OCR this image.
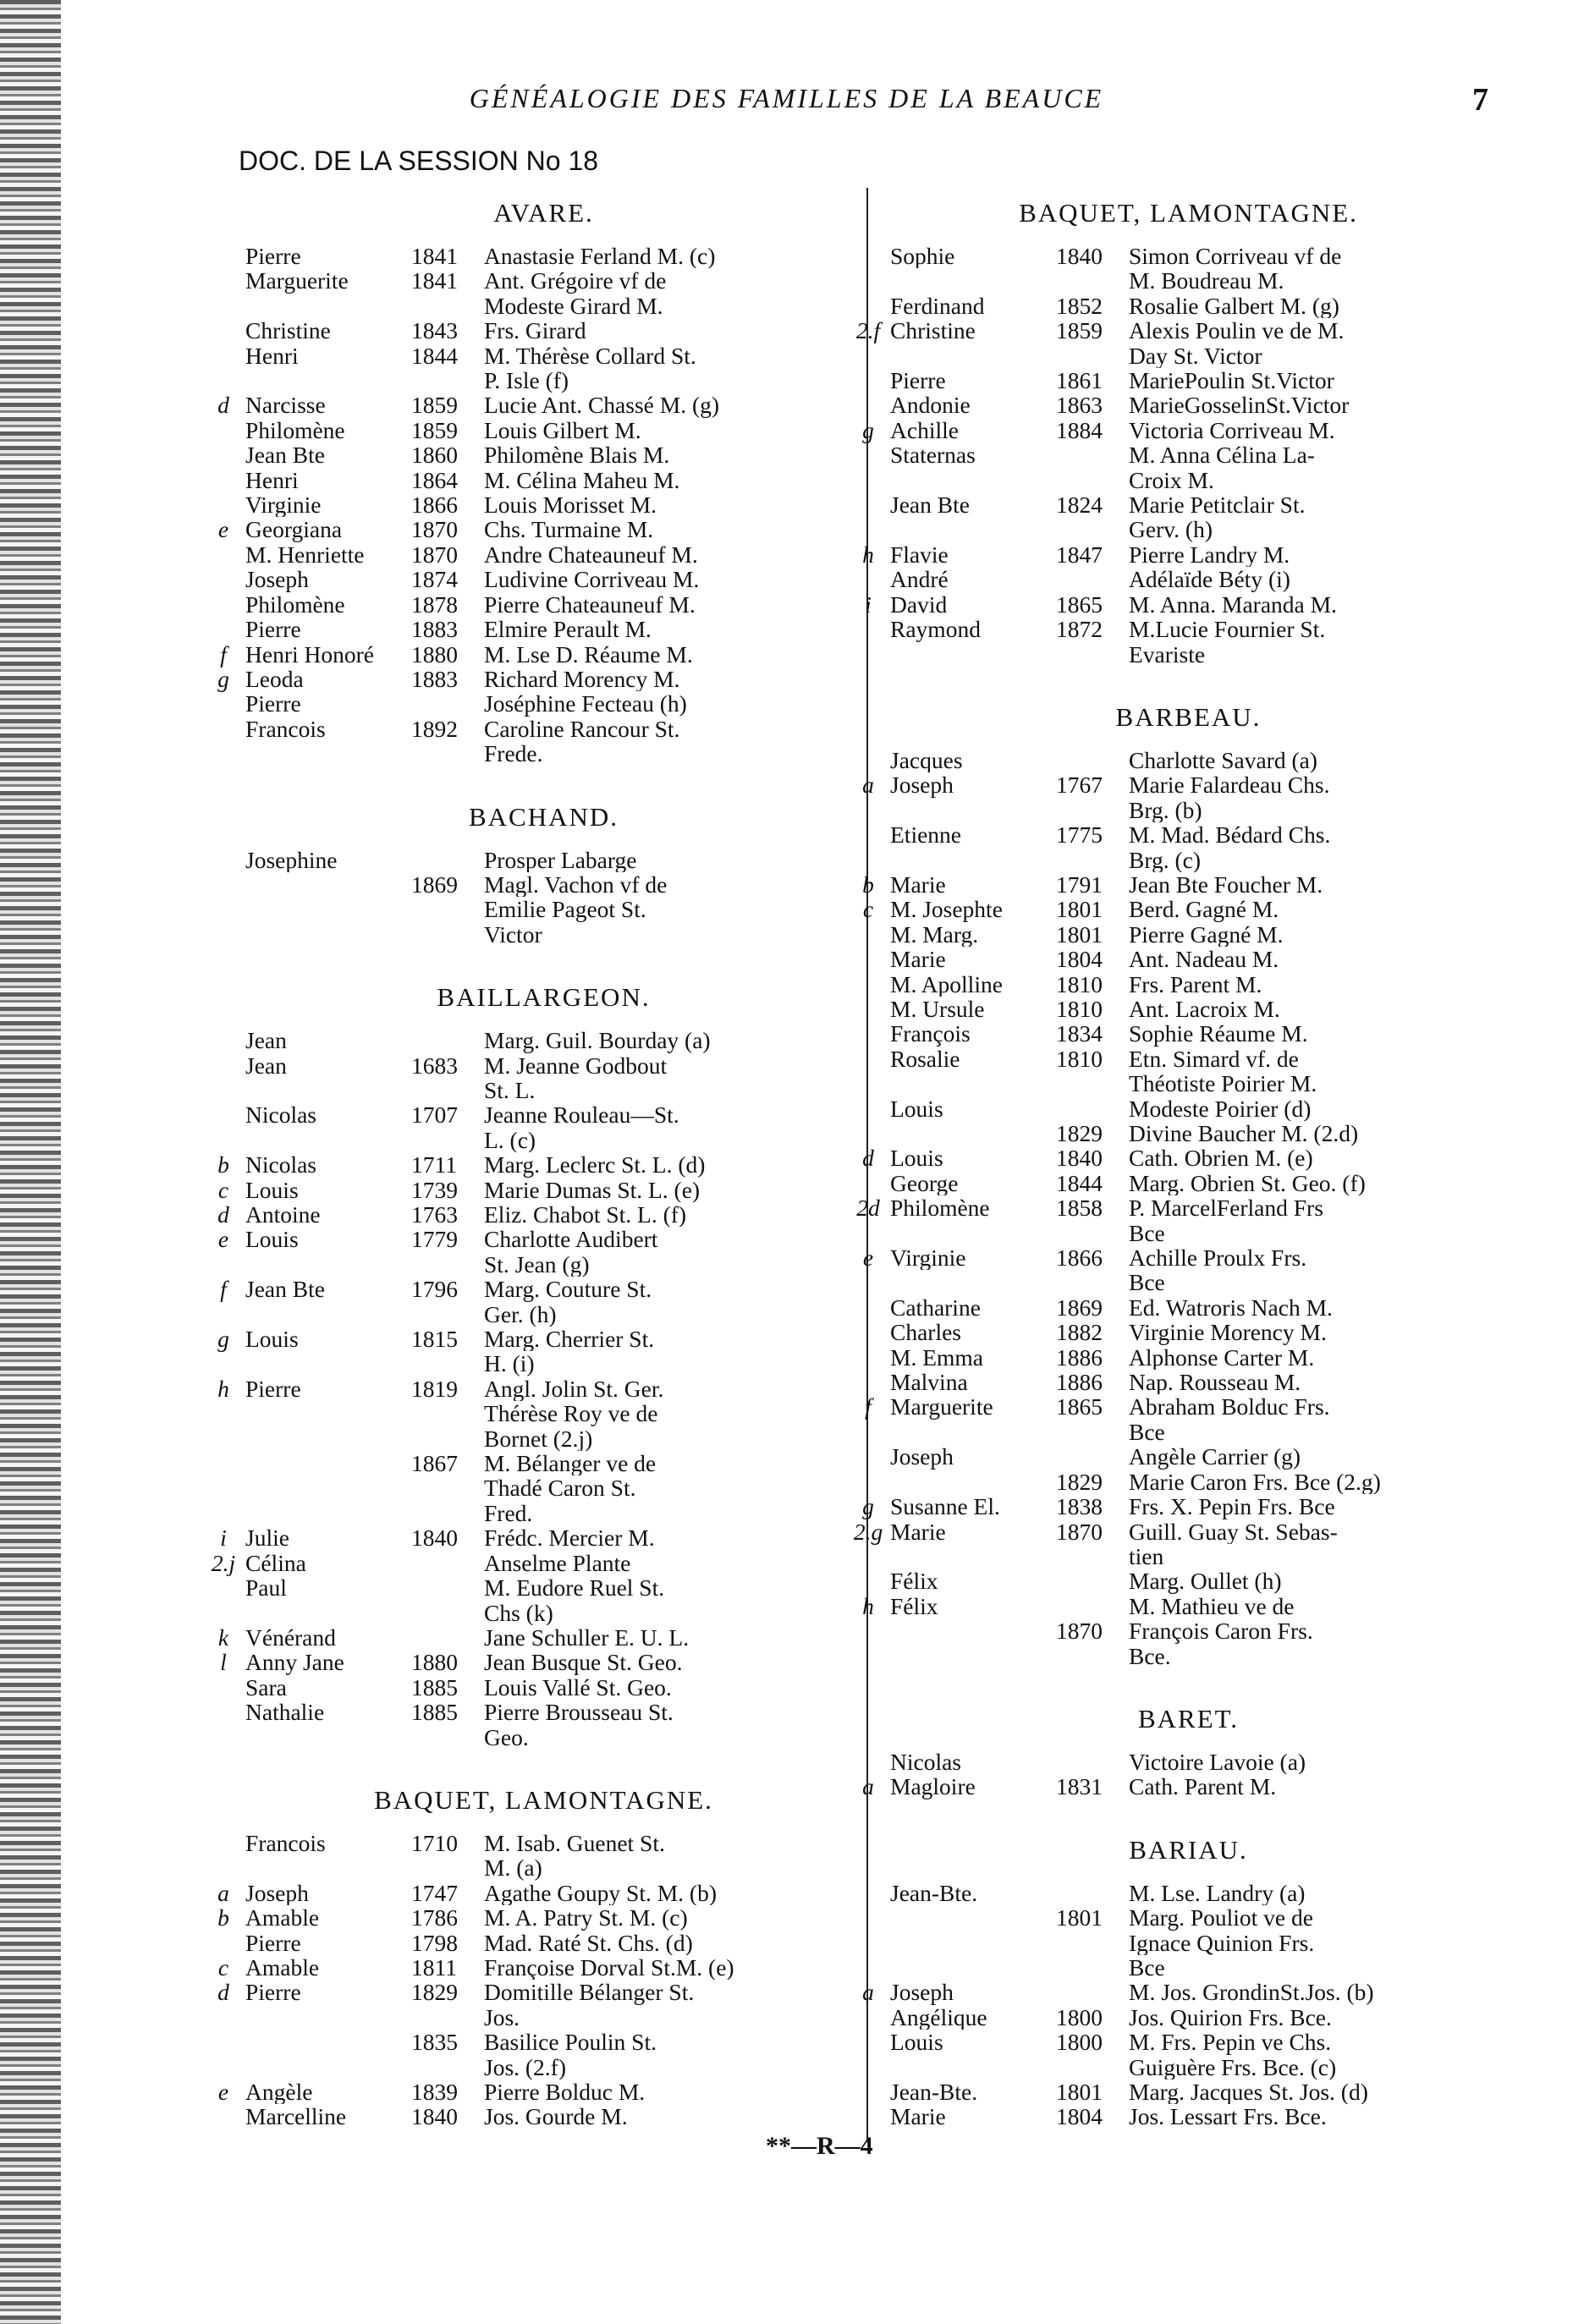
GÉNÉALOGIE DES FAMILLES DE LA BEAUCE	7
DOC. DE LA SESSION No 18
AVARE.
Pierre	1841	Anastasie Ferland M. (c)
Marguerite	1841	Ant. Grégoire vf de
Modeste Girard M.
Christine	1843	Frs. Girard
Henri	1844	M. Thérèse Collard St.
P. Isle (f)
d Narcisse	1859	Lucie Ant. Chassé M. (g)
Philomène	1859	Louis Gilbert M.
Jean Bte	1860	Philomène Blais M.
Henri	1864	M. Célina Maheu M.
Virginie	1866	Louis Morisset M.
e Georgiana	1870	Chs. Turmaine M.
M. Henriette	1870	Andre Chateauneuf M.
Joseph	1874	Ludivine Corriveau M.
Philomène	1878	Pierre Chateauneuf M.
Pierre	1883	Elmire Perault M.
f Henri Honoré	1880	M. Lse D. Réaume M.
g Leoda	1883	Richard Morency M.
Pierre	Joséphine Fecteau (h)
Francois	1892	Caroline Rancour St.
Frede.
BACHAND.
Josephine	Prosper Labarge
1869	Magl. Vachon vf de
Emilie Pageot St.
Victor
BAILLARGEON.
Jean	Marg. Guil. Bourday (a)
Jean	1683	M. Jeanne Godbout
St. L.
Nicolas	1707	Jeanne Rouleau—St.
L. (c)
b Nicolas	1711	Marg. Leclerc St. L. (d)
c Louis	1739	Marie Dumas St. L. (e)
d Antoine	1763	Eliz. Chabot St. L. (f)
e Louis	1779	Charlotte Audibert
St. Jean (g)
f Jean Bte	1796	Marg. Couture St.
Ger. (h)
g Louis	1815	Marg. Cherrier St.
H. (i)
h Pierre	1819	Angl. Jolin St. Ger.
Thérèse Roy ve de
Bornet (2.j)
1867	M. Bélanger ve de
Thadé Caron St.
Fred.
i Julie	1840	Frédc. Mercier M.
2.j Célina	Anselme Plante
Paul	M. Eudore Ruel St.
Chs (k)
k Vénérand	Jane Schuller E. U. L.
l Anny Jane	1880	Jean Busque St. Geo.
Sara	1885	Louis Vallé St. Geo.
Nathalie	1885	Pierre Brousseau St.
Geo.
BAQUET, LAMONTAGNE.
Francois	1710	M. Isab. Guenet St.
M. (a)
a Joseph	1747	Agathe Goupy St. M. (b)
b Amable	1786	M. A. Patry St. M. (c)
Pierre	1798	Mad. Raté St. Chs. (d)
c Amable	1811	Françoise Dorval St.M. (e)
d Pierre	1829	Domitille Bélanger St.
Jos.
1835	Basilice Poulin St.
Jos. (2.f)
e Angèle	1839	Pierre Bolduc M.
Marcelline	1840	Jos. Gourde M.
BAQUET, LAMONTAGNE.
Sophie	1840	Simon Corriveau vf de
M. Boudreau M.
Ferdinand	1852	Rosalie Galbert M. (g)
2.f Christine	1859	Alexis Poulin ve de M.
Day St. Victor
Pierre	1861	MariePoulin St.Victor
Andonie	1863	MarieGosselinSt.Victor
g Achille	1884	Victoria Corriveau M.
Staternas	M. Anna Célina La-
Croix M.
Jean Bte	1824	Marie Petitclair St.
Gerv. (h)
h Flavie	1847	Pierre Landry M.
André	Adélaïde Béty (i)
i David	1865	M. Anna. Maranda M.
Raymond	1872	M.Lucie Fournier St.
Evariste
BARBEAU.
Jacques	Charlotte Savard (a)
a Joseph	1767	Marie Falardeau Chs.
Brg. (b)
Etienne	1775	M. Mad. Bédard Chs.
Brg. (c)
b Marie	1791	Jean Bte Foucher M.
c M. Josephte	1801	Berd. Gagné M.
M. Marg.	1801	Pierre Gagné M.
Marie	1804	Ant. Nadeau M.
M. Apolline	1810	Frs. Parent M.
M. Ursule	1810	Ant. Lacroix M.
François	1834	Sophie Réaume M.
Rosalie	1810	Etn. Simard vf. de
Théotiste Poirier M.
Louis	Modeste Poirier (d)
1829	Divine Baucher M. (2.d)
d Louis	1840	Cath. Obrien M. (e)
George	1844	Marg. Obrien St. Geo. (f)
2d Philomène	1858	P. MarcelFerland Frs
Bce
e Virginie	1866	Achille Proulx Frs.
Bce
Catharine	1869	Ed. Watroris Nach M.
Charles	1882	Virginie Morency M.
M. Emma	1886	Alphonse Carter M.
Malvina	1886	Nap. Rousseau M.
f Marguerite	1865	Abraham Bolduc Frs.
Bce
Joseph	Angèle Carrier (g)
1829	Marie Caron Frs. Bce (2.g)
g Susanne El.	1838	Frs. X. Pepin Frs. Bce
2.g Marie	1870	Guill. Guay St. Sebas-
tien
Félix	Marg. Oullet (h)
h Félix	M. Mathieu ve de
1870	François Caron Frs.
Bce.
BARET.
Nicolas	Victoire Lavoie (a)
a Magloire	1831	Cath. Parent M.
BARIAU.
Jean-Bte.	M. Lse. Landry (a)
1801	Marg. Pouliot ve de
Ignace Quinion Frs.
Bce
a Joseph	M. Jos. GrondinSt.Jos. (b)
Angélique	1800	Jos. Quirion Frs. Bce.
Louis	1800	M. Frs. Pepin ve Chs.
Guiguère Frs. Bce. (c)
Jean-Bte.	1801	Marg. Jacques St. Jos. (d)
Marie	1804	Jos. Lessart Frs. Bce.
**—R—4
